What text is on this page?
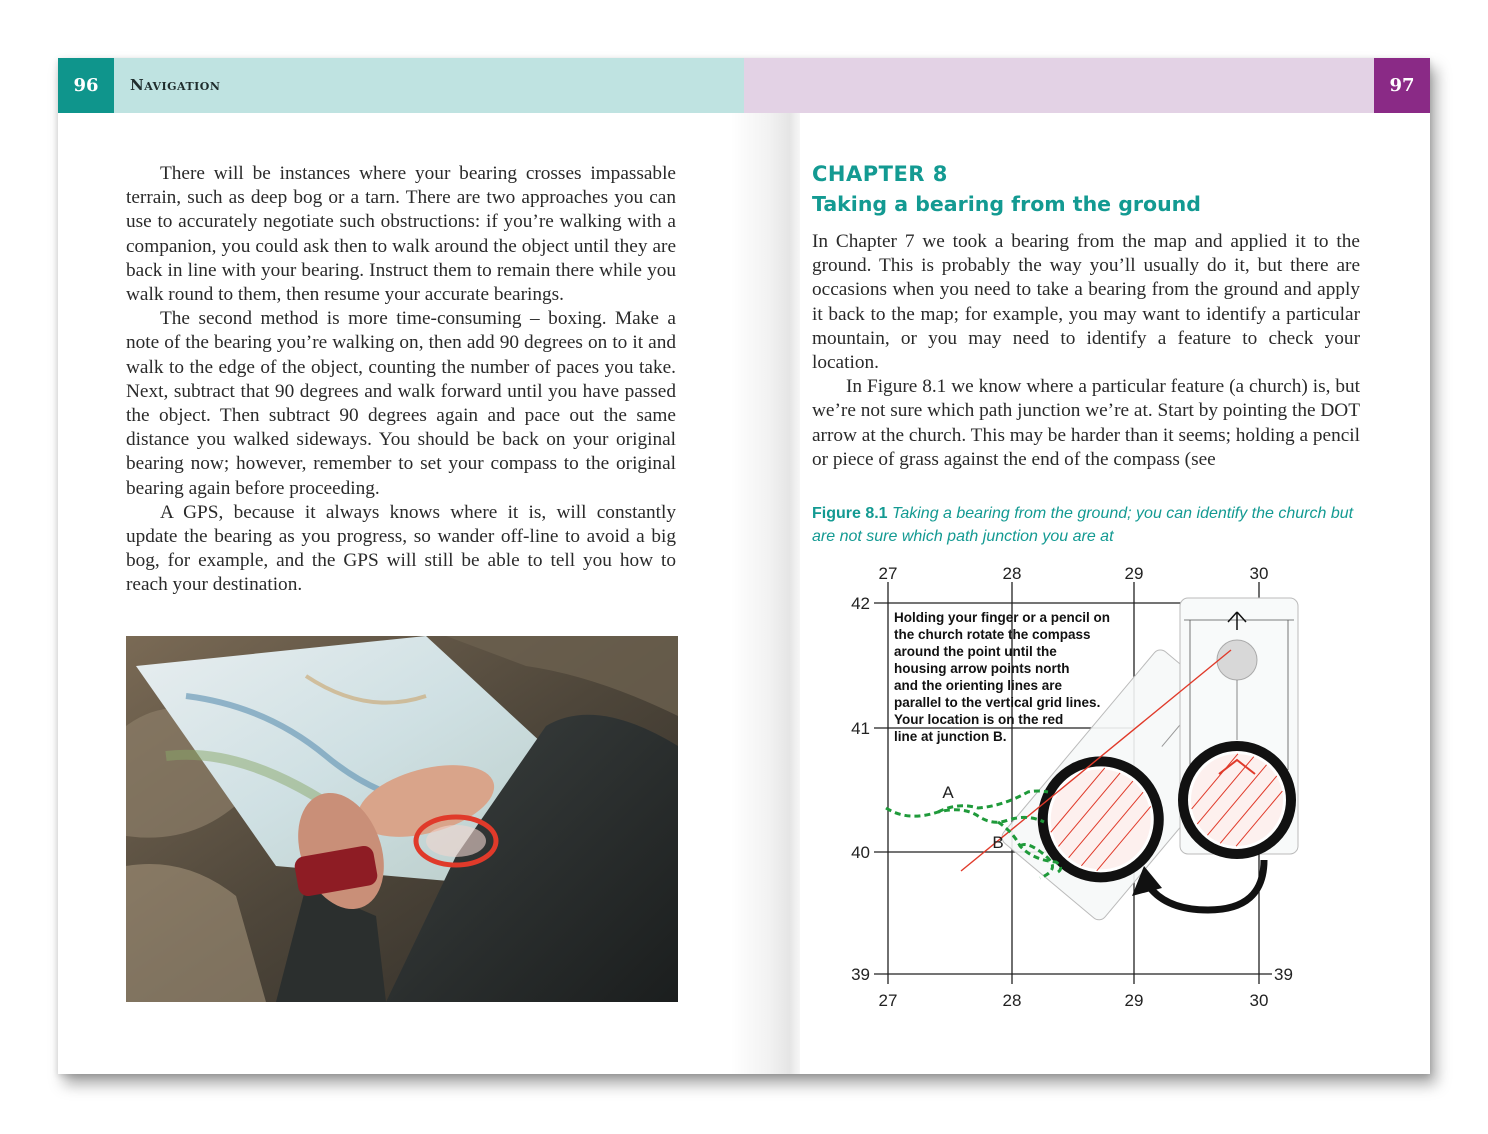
96	Navigation	97

There will be instances where your bearing crosses impassable terrain, such as deep bog or a tarn. There are two approaches you can use to accurately negotiate such obstructions: if you’re walking with a companion, you could ask then to walk around the object until they are back in line with your bearing. Instruct them to remain there while you walk round to them, then resume your accurate bearings.

The second method is more time-consuming – boxing. Make a note of the bearing you’re walking on, then add 90 degrees on to it and walk to the edge of the object, counting the number of paces you take. Next, subtract that 90 degrees and walk forward until you have passed the object. Then subtract 90 degrees again and pace out the same distance you walked sideways. You should be back on your original bearing now; however, remember to set your compass to the original bearing again before proceeding.

A GPS, because it always knows where it is, will constantly update the bearing as you progress, so wander off-line to avoid a big bog, for example, and the GPS will still be able to tell you how to reach your destination.

CHAPTER 8

Taking a bearing from the ground

In Chapter 7 we took a bearing from the map and applied it to the ground. This is probably the way you’ll usually do it, but there are occasions when you need to take a bearing from the ground and apply it back to the map; for example, you may want to identify a particular mountain, or you may need to identify a feature to check your location.

In Figure 8.1 we know where a particular feature (a church) is, but we’re not sure which path junction we’re at. Start by pointing the DOT arrow at the church. This may be harder than it seems; holding a pencil or piece of grass against the end of the compass (see

Figure 8.1 Taking a bearing from the ground; you can identify the church but are not sure which path junction you are at
27	28	29	30
27	28	29	30
42
41
40
39	39
A
B
Holding your finger or a pencil on the church rotate the compass around the point until the housing arrow points north and the orienting lines are parallel to the vertical grid lines. Your location is on the red line at junction B.
